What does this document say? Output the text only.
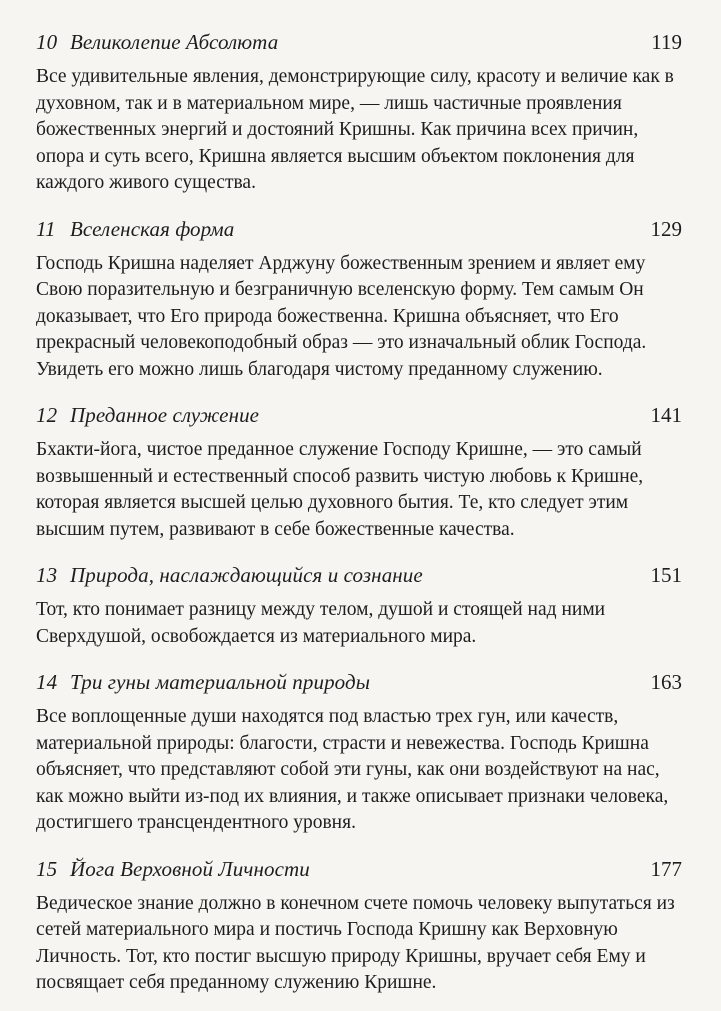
10 Великолепие Абсолюта	119

Все удивительные явления, демонстрирующие силу, красоту и величие как в духовном, так и в материальном мире, — лишь частичные проявления божественных энергий и достояний Кришны. Как причина всех причин, опора и суть всего, Кришна является высшим объектом поклонения для каждого живого существа.

11 Вселенская форма	129

Господь Кришна наделяет Арджуну божественным зрением и являет ему Свою поразительную и безграничную вселенскую форму. Тем самым Он доказывает, что Его природа божественна. Кришна объясняет, что Его прекрасный человекоподобный образ — это изначальный облик Господа. Увидеть его можно лишь благодаря чистому преданному служению.

12 Преданное служение	141

Бхакти-йога, чистое преданное служение Господу Кришне, — это самый возвышенный и естественный способ развить чистую любовь к Кришне, которая является высшей целью духовного бытия. Те, кто следует этим высшим путем, развивают в себе божественные качества.

13 Природа, наслаждающийся и сознание	151

Тот, кто понимает разницу между телом, душой и стоящей над ними Сверхдушой, освобождается из материального мира.

14 Три гуны материальной природы	163

Все воплощенные души находятся под властью трех гун, или качеств, материальной природы: благости, страсти и невежества. Господь Кришна объясняет, что представляют собой эти гуны, как они воздействуют на нас, как можно выйти из-под их влияния, и также описывает признаки человека, достигшего трансцендентного уровня.

15 Йога Верховной Личности	177

Ведическое знание должно в конечном счете помочь человеку выпутаться из сетей материального мира и постичь Господа Кришну как Верховную Личность. Тот, кто постиг высшую природу Кришны, вручает себя Ему и посвящает себя преданному служению Кришне.
